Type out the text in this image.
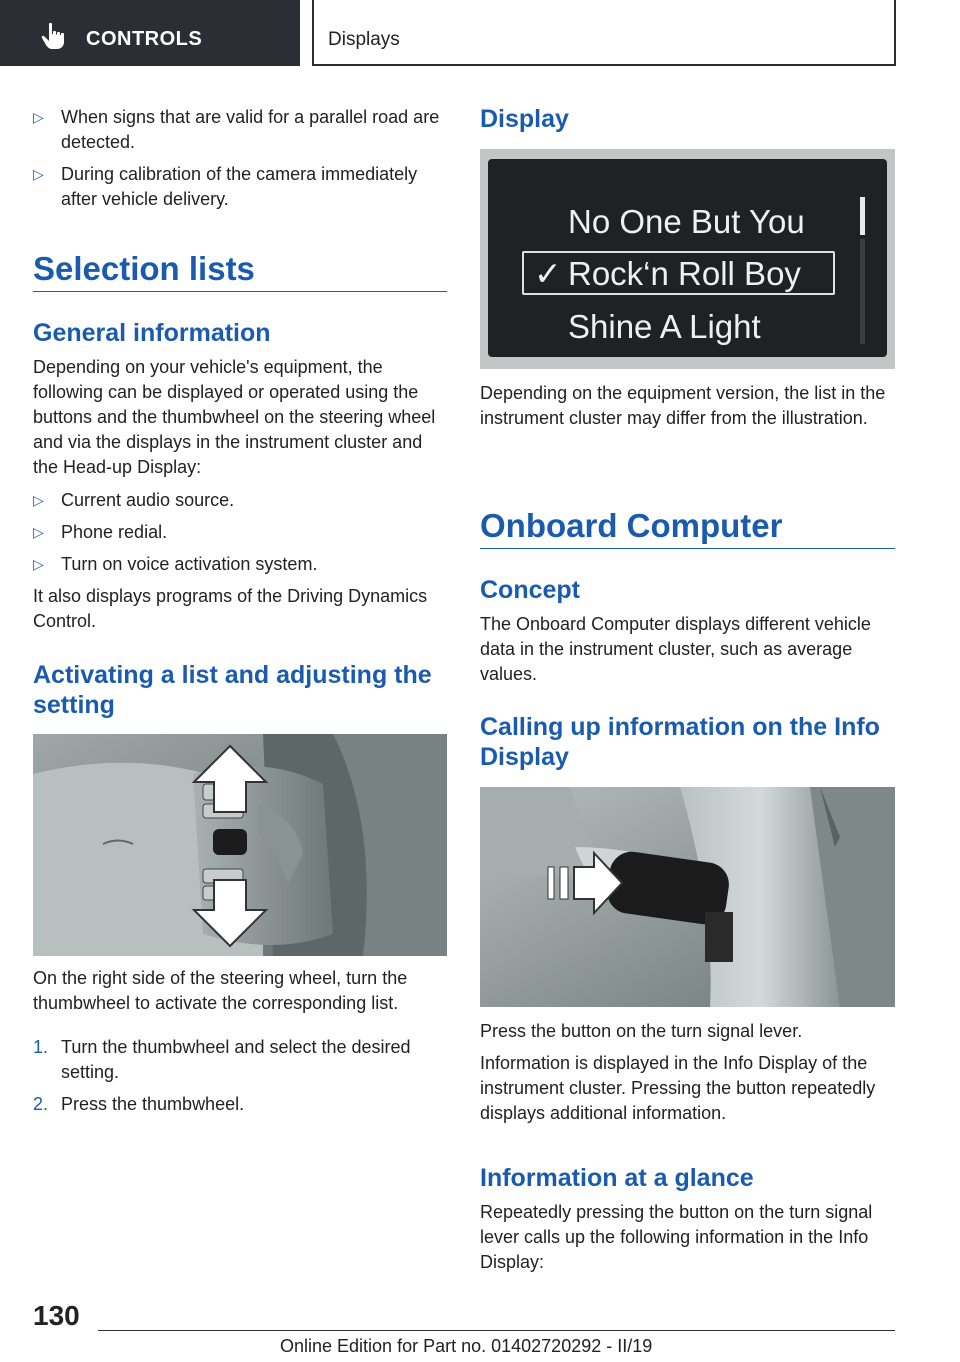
CONTROLS	Displays
▷ When signs that are valid for a parallel road are detected.
▷ During calibration of the camera immediately after vehicle delivery.
Selection lists
General information
Depending on your vehicle's equipment, the following can be displayed or operated using the buttons and the thumbwheel on the steering wheel and via the displays in the instrument cluster and the Head-up Display:
▷ Current audio source.
▷ Phone redial.
▷ Turn on voice activation system.
It also displays programs of the Driving Dynamics Control.
Activating a list and adjusting the setting
On the right side of the steering wheel, turn the thumbwheel to activate the corresponding list.
1. Turn the thumbwheel and select the desired setting.
2. Press the thumbwheel.
Display
No One But You
✓ Rock‘n Roll Boy
Shine A Light
Depending on the equipment version, the list in the instrument cluster may differ from the illustration.
Onboard Computer
Concept
The Onboard Computer displays different vehicle data in the instrument cluster, such as average values.
Calling up information on the Info Display
Press the button on the turn signal lever.
Information is displayed in the Info Display of the instrument cluster. Pressing the button repeatedly displays additional information.
Information at a glance
Repeatedly pressing the button on the turn signal lever calls up the following information in the Info Display:
130
Online Edition for Part no. 01402720292 - II/19
